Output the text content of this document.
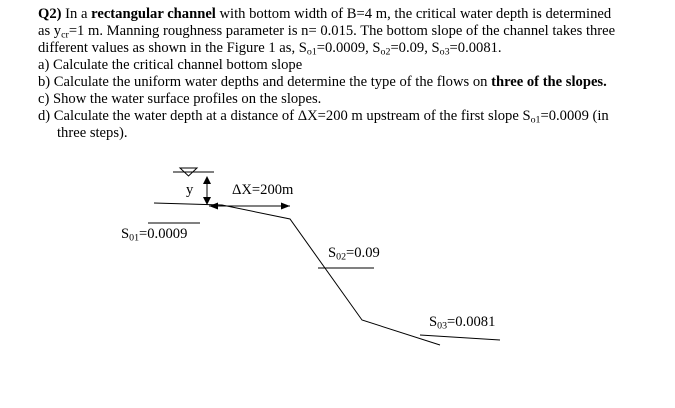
Q2) In a rectangular channel with bottom width of B=4 m, the critical water depth is determined
as $y_{cr}=1$ m. Manning roughness parameter is n= 0.015. The bottom slope of the channel takes three
different values as shown in the Figure 1 as, $S_{o1}=0.0009$, $S_{o2}=0.09$, $S_{o3}=0.0081$.
a) Calculate the critical channel bottom slope
b) Calculate the uniform water depths and determine the type of the flows on three of the slopes.
c) Show the water surface profiles on the slopes.
d) Calculate the water depth at a distance of ΔX=200 m upstream of the first slope $S_{o1}=0.0009$ (in
three steps).
y	ΔX=200m
$S_{01}=0.0009$
$S_{02}=0.09$
$S_{03}=0.0081$
